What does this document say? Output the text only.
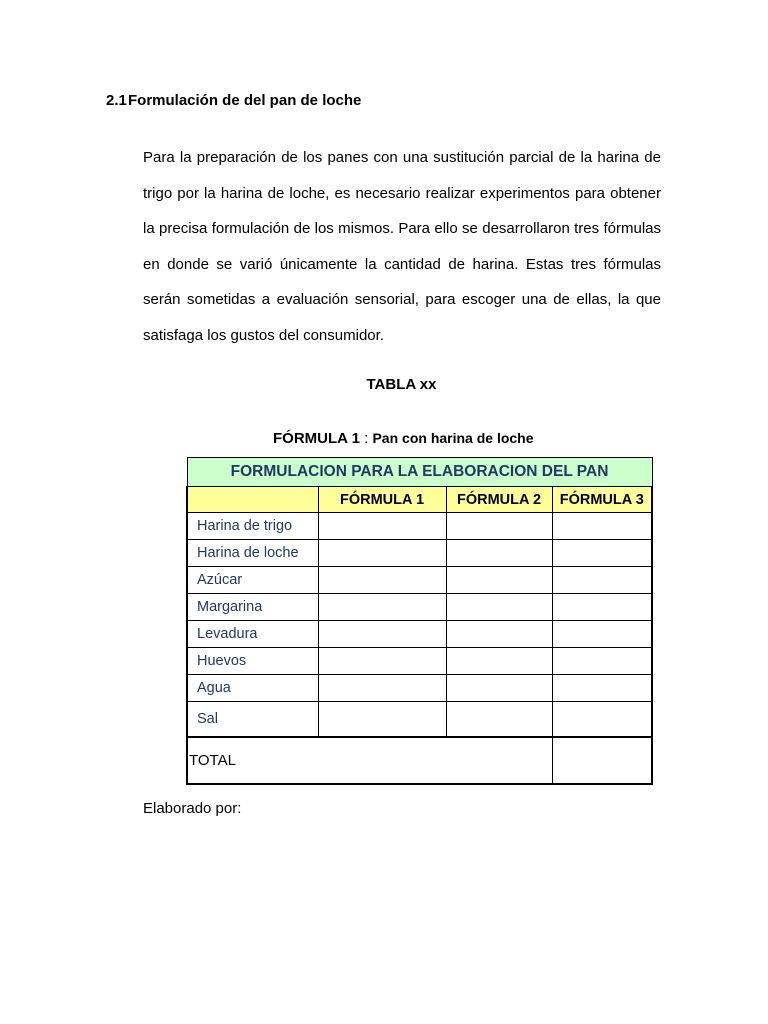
2.1Formulación de del pan de loche
Para la preparación de los panes con una sustitución parcial de la harina de trigo por la harina de loche, es necesario realizar experimentos para obtener la precisa formulación de los mismos. Para ello se desarrollaron tres fórmulas en donde se varió únicamente la cantidad de harina. Estas tres fórmulas serán sometidas a evaluación sensorial, para escoger una de ellas, la que satisfaga los gustos del consumidor.
TABLA xx
FÓRMULA 1 : Pan con harina de loche
FORMULACION PARA LA ELABORACION DEL PAN			
	FÓRMULA 1	FÓRMULA 2	FÓRMULA 3
Harina de trigo			
Harina de loche			
Azúcar			
Margarina			
Levadura			
Huevos			
Agua			
Sal			
TOTAL			
Elaborado por:
